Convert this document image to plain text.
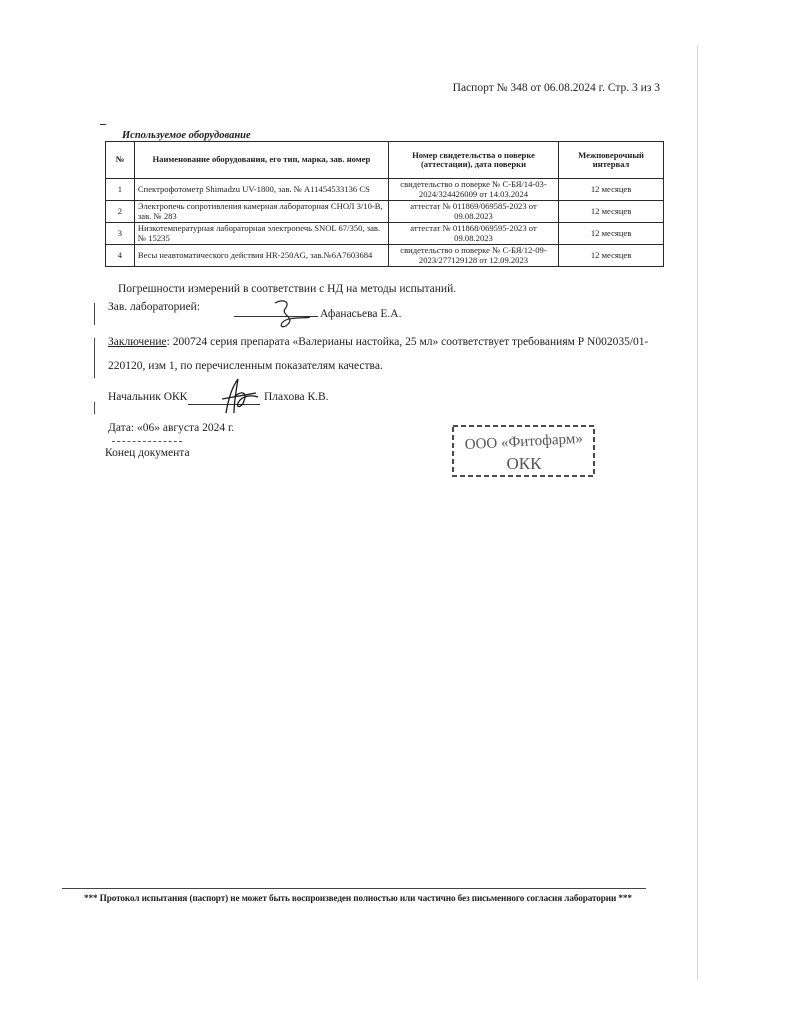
Паспорт № 348 от 06.08.2024 г. Стр. 3 из 3
Используемое оборудование
№	Наименование оборудования, его тип, марка, зав. номер	Номер свидетельства о поверке (аттестации), дата поверки	Межповерочный интервал
1	Спектрофотометр Shimadzu UV-1800, зав. № A11454533136 CS	свидетельство о поверке № С-БЯ/14-03-2024/324426009 от 14.03.2024	12 месяцев
2	Электропечь сопротивления камерная лабораторная СНОЛ 3/10-В, зав. № 283	аттестат № 011869/069585-2023 от 09.08.2023	12 месяцев
3	Низкотемпературная лабораторная электропечь SNOL 67/350, зав.№ 15235	аттестат № 011868/069595-2023 от 09.08.2023	12 месяцев
4	Весы неавтоматического действия HR-250AG, зав.№6А7603684	свидетельство о поверке № С-БЯ/12-09-2023/277129128 от 12.09.2023	12 месяцев
Погрешности измерений в соответствии с НД на методы испытаний.
Зав. лабораторией:
Афанасьева Е.А.
Заключение: 200724 серия препарата «Валерианы настойка, 25 мл» соответствует требованиям Р N002035/01-
220120, изм 1, по перечисленным показателям качества.
Начальник ОКК	Плахова К.В.
Дата: «06» августа 2024 г.
Конец документа	ООО «Фитофарм»
ОКК
*** Протокол испытания (паспорт) не может быть воспроизведен полностью или частично без письменного согласия лаборатории ***
